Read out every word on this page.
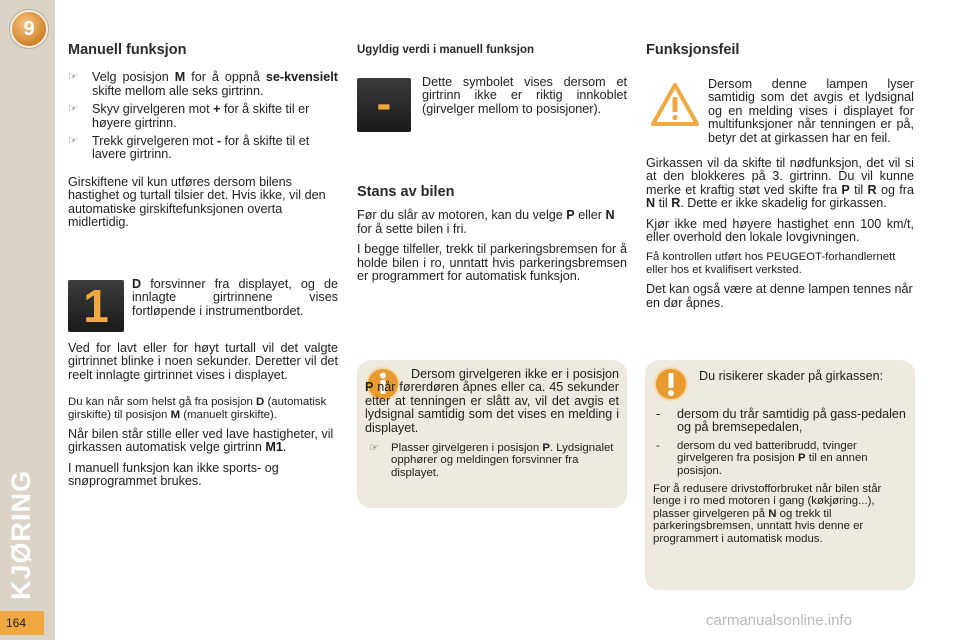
9
KJØRING
164
Manuell funksjon
☞ Velg posisjon M for å oppnå se-kvensielt skifte mellom alle seks girtrinn.
☞ Skyv girvelgeren mot + for å skifte til er høyere girtrinn.
☞ Trekk girvelgeren mot - for å skifte til et lavere girtrinn.

Girskiftene vil kun utføres dersom bilens hastighet og turtall tilsier det. Hvis ikke, vil den automatiske girskiftefunksjonen overta midlertidig.

1	D forsvinner fra displayet, og de innlagte girtrinnene vises fortløpende i instrumentbordet.

Ved for lavt eller for høyt turtall vil det valgte girtrinnet blinke i noen sekunder. Deretter vil det reelt innlagte girtrinnet vises i displayet.

Du kan når som helst gå fra posisjon D (automatisk girskifte) til posisjon M (manuelt girskifte).

Når bilen står stille eller ved lave hastigheter, vil girkassen automatisk velge girtrinn M1.

I manuell funksjon kan ikke sports- og snøprogrammet brukes.

Ugyldig verdi i manuell funksjon
-	Dette symbolet vises dersom et girtrinn ikke er riktig innkoblet (girvelger mellom to posisjoner).

Stans av bilen

Før du slår av motoren, kan du velge P eller N for å sette bilen i fri.

I begge tilfeller, trekk til parkeringsbremsen for å holde bilen i ro, unntatt hvis parkeringsbremsen er programmert for automatisk funksjon.

Dersom girvelgeren ikke er i posisjon P når førerdøren åpnes eller ca. 45 sekunder etter at tenningen er slått av, vil det avgis et lydsignal samtidig som det vises en melding i displayet.

☞ Plasser girvelgeren i posisjon P. Lydsignalet opphører og meldingen forsvinner fra displayet.
Funksjonsfeil

Dersom denne lampen lyser samtidig som det avgis et lydsignal og en melding vises i displayet for multifunksjoner når tenningen er på, betyr det at girkassen har en feil.

Girkassen vil da skifte til nødfunksjon, det vil si at den blokkeres på 3. girtrinn. Du vil kunne merke et kraftig støt ved skifte fra P til R og fra N til R. Dette er ikke skadelig for girkassen.

Kjør ikke med høyere hastighet enn 100 km/t, eller overhold den lokale lovgivningen.

Få kontrollen utført hos PEUGEOT-forhandlernett eller hos et kvalifisert verksted.

Det kan også være at denne lampen tennes når en dør åpnes.

Du risikerer skader på girkassen:

- dersom du trår samtidig på gass-pedalen og på bremsepedalen,
- dersom du ved batteribrudd, tvinger girvelgeren fra posisjon P til en annen posisjon.

For å redusere drivstofforbruket når bilen står lenge i ro med motoren i gang (køkjøring...), plasser girvelgeren på N og trekk til parkeringsbremsen, unntatt hvis denne er programmert i automatisk modus.

carmanualsonline.info
